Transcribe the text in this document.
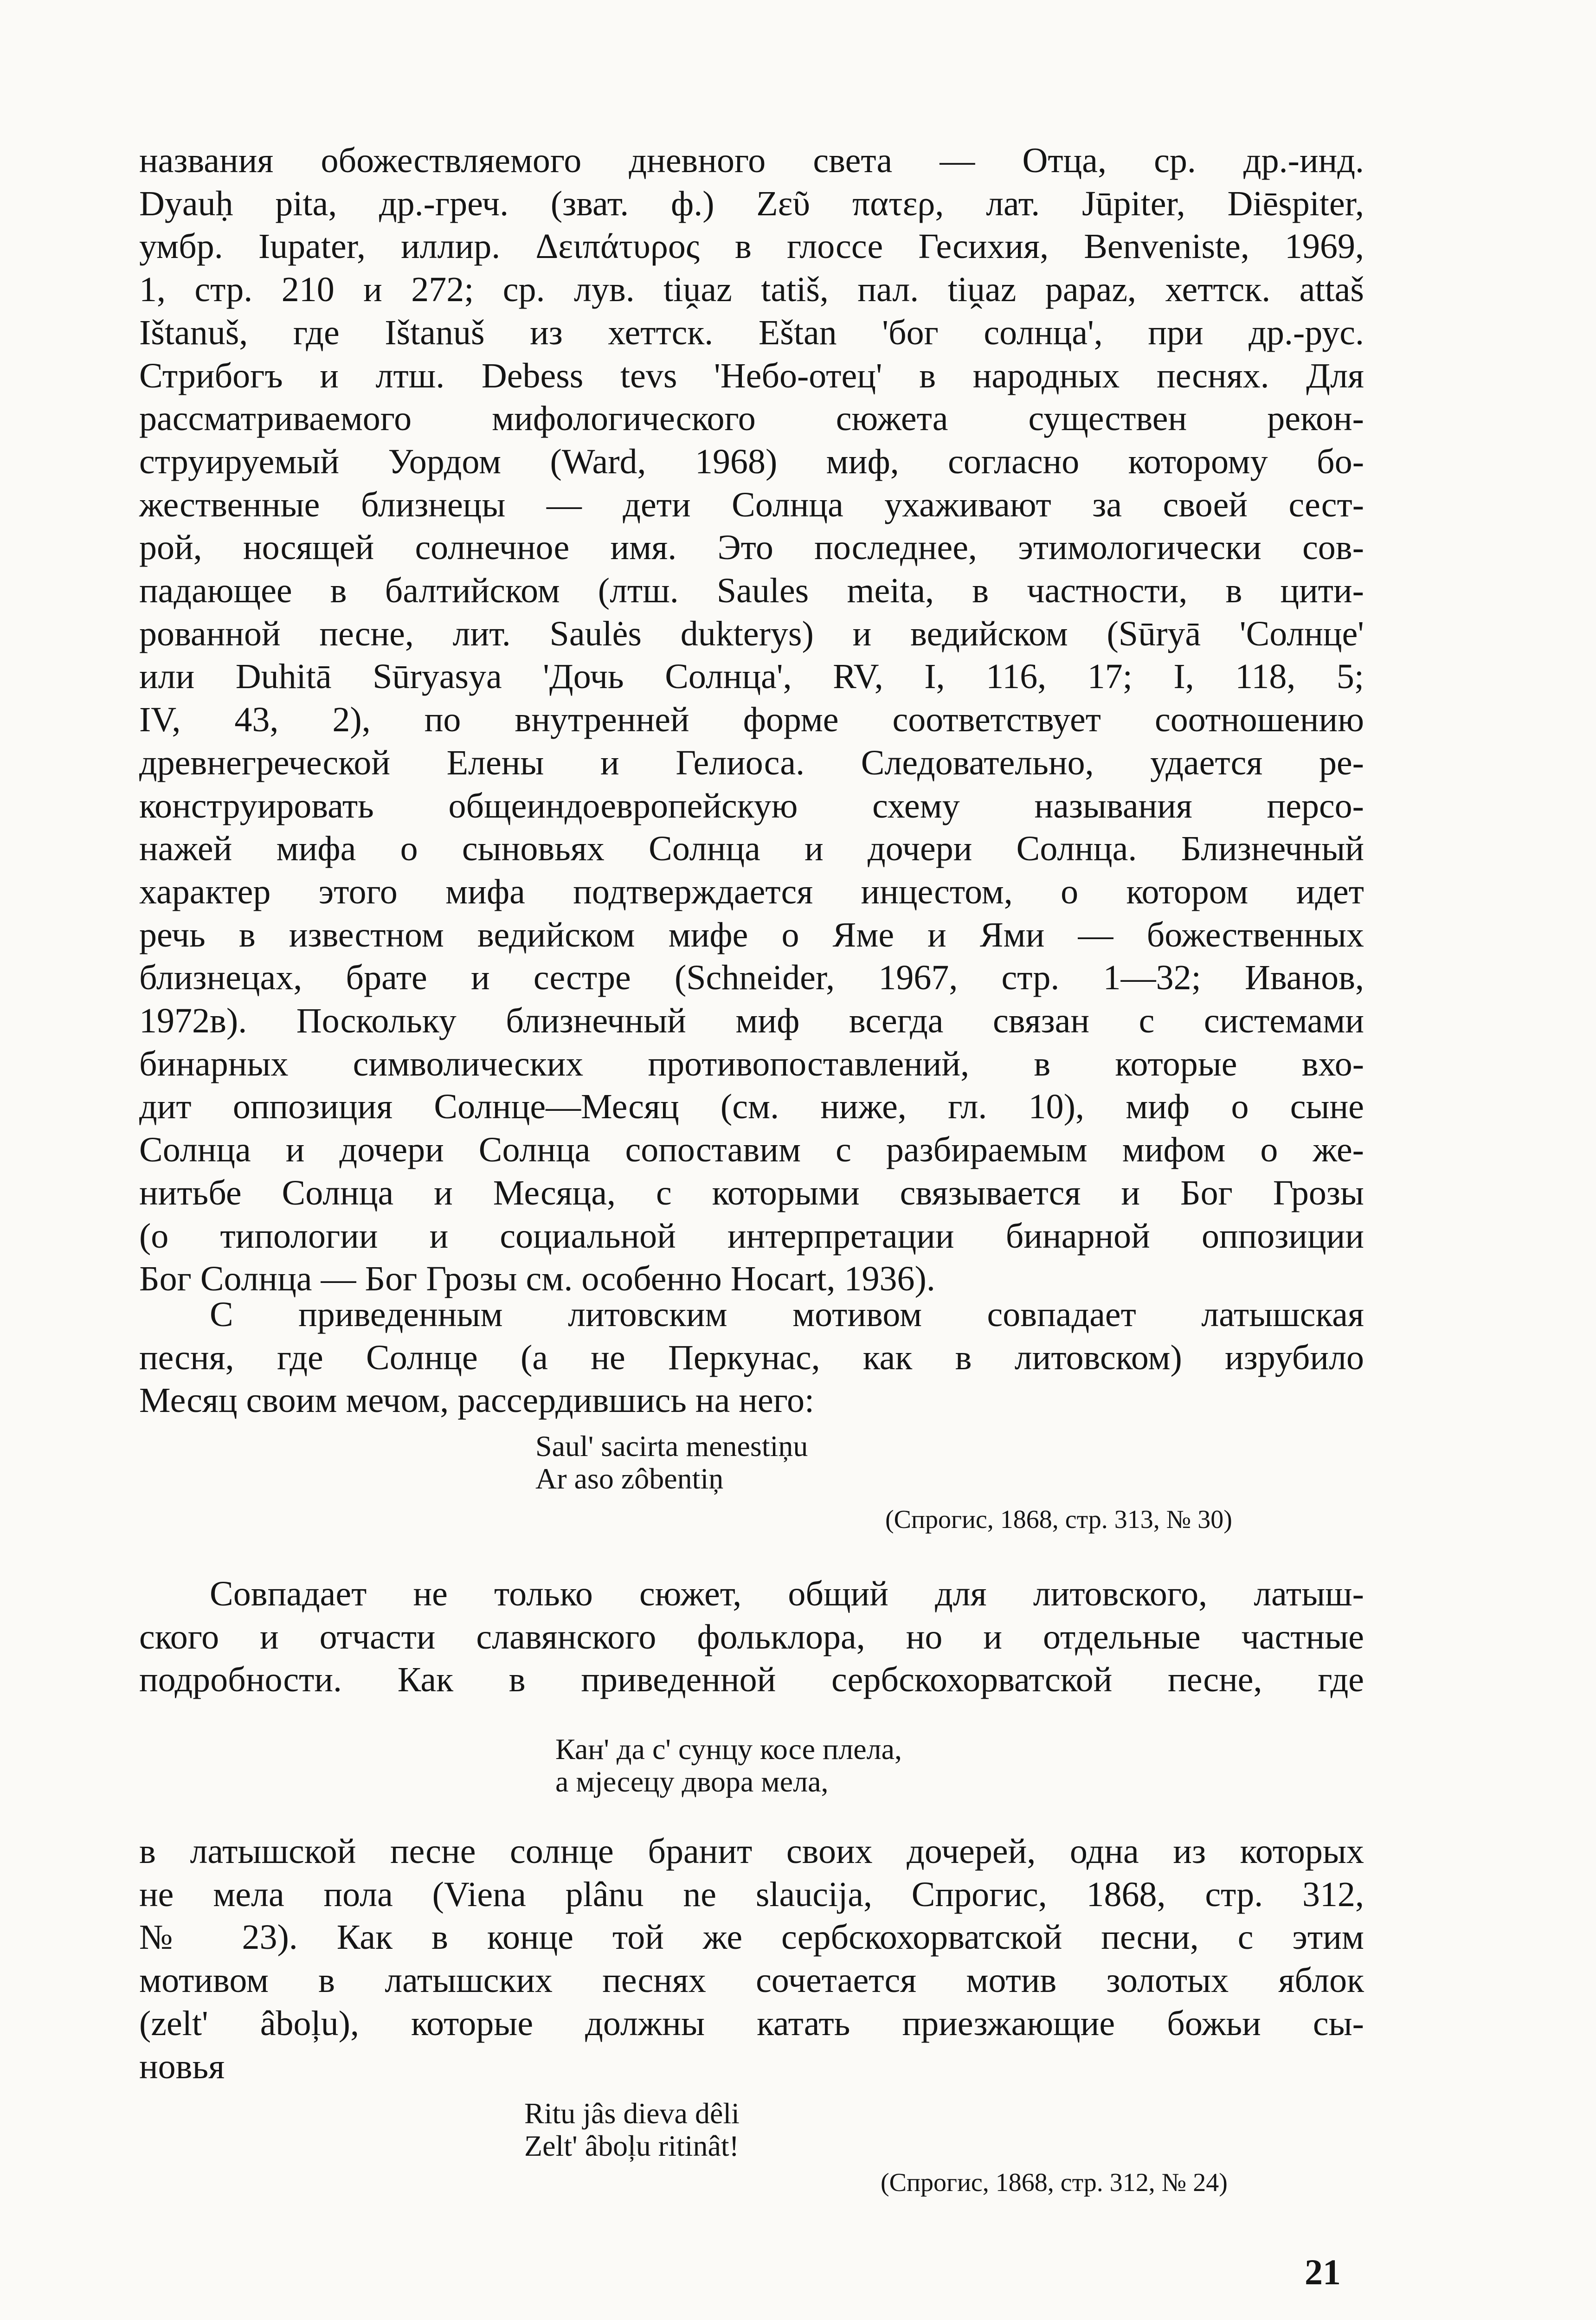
названия обожествляемого дневного света — Отца, ср. др.-инд.
Dyauḥ pita, др.-греч. (зват. ф.) Ζεῦ πατερ, лат. Jūpiter, Diēspiter,
умбр. Iupater, иллир. Δειπάτυρος в глоссе Гесихия, Benveniste, 1969,
1, стр. 210 и 272; ср. лув. tiṷaz tatiš, пал. tiṷaz papaz, хеттск. attaš
Ištanuš, где Ištanuš из хеттск. Eštan 'бог солнца', при др.-рус.
Стрибогъ и лтш. Debess tevs 'Небо-отец' в народных песнях. Для
рассматриваемого мифологического сюжета существен рекон-
струируемый Уордом (Ward, 1968) миф, согласно которому бо-
жественные близнецы — дети Солнца ухаживают за своей сест-
рой, носящей солнечное имя. Это последнее, этимологически сов-
падающее в балтийском (лтш. Saules meita, в частности, в цити-
рованной песне, лит. Saulės dukterys) и ведийском (Sūryā 'Солнце'
или Duhitā Sūryasya 'Дочь Солнца', RV, I, 116, 17; I, 118, 5;
IV, 43, 2), по внутренней форме соответствует соотношению
древнегреческой Елены и Гелиоса. Следовательно, удается ре-
конструировать общеиндоевропейскую схему называния персо-
нажей мифа о сыновьях Солнца и дочери Солнца. Близнечный
характер этого мифа подтверждается инцестом, о котором идет
речь в известном ведийском мифе о Яме и Ями — божественных
близнецах, брате и сестре (Schneider, 1967, стр. 1—32; Иванов,
1972в). Поскольку близнечный миф всегда связан с системами
бинарных символических противопоставлений, в которые вхо-
дит оппозиция Солнце—Месяц (см. ниже, гл. 10), миф о сыне
Солнца и дочери Солнца сопоставим с разбираемым мифом о же-
нитьбе Солнца и Месяца, с которыми связывается и Бог Грозы
(о типологии и социальной интерпретации бинарной оппозиции
Бог Солнца — Бог Грозы см. особенно Hocart, 1936).

С приведенным литовским мотивом совпадает латышская
песня, где Солнце (а не Перкунас, как в литовском) изрубило
Месяц своим мечом, рассердившись на него:

Saul' sacirta menestiņu
Ar aso zôbentiņ
(Спрогис, 1868, стр. 313, № 30)

Совпадает не только сюжет, общий для литовского, латыш-
ского и отчасти славянского фольклора, но и отдельные частные
подробности. Как в приведенной сербскохорватской песне, где

Кан' да с' сунцу косе плела,
а мјесецу двора мела,

в латышской песне солнце бранит своих дочерей, одна из которых
не мела пола (Viena plânu ne slaucija, Спрогис, 1868, стр. 312,
№ 23). Как в конце той же сербскохорватской песни, с этим
мотивом в латышских песнях сочетается мотив золотых яблок
(zelt' âboļu), которые должны катать приезжающие божьи сы-
новья

Ritu jâs dieva dêli
Zelt' âboļu ritinât!
(Спрогис, 1868, стр. 312, № 24)
21
